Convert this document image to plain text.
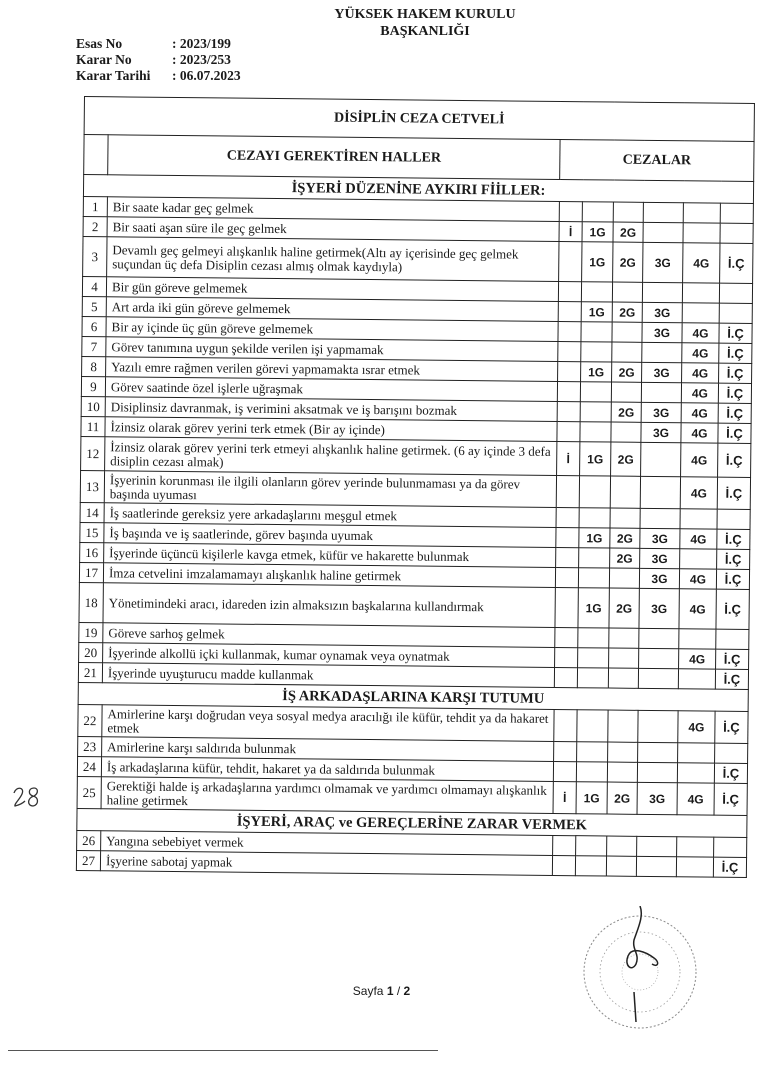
YÜKSEK HAKEM KURULU
BAŞKANLIĞI
Esas No	: 2023/199
Karar No	: 2023/253
Karar Tarihi	: 06.07.2023
DİSİPLİN CEZA CETVELİ							
	CEZAYI GEREKTİREN HALLER	CEZALAR					
İŞYERİ DÜZENİNE AYKIRI FİİLLER:							
1	Bir saate kadar geç gelmek						
2	Bir saati aşan süre ile geç gelmek	İ	1G	2G			
3	Devamlı geç gelmeyi alışkanlık haline getirmek(Altı ay içerisinde geç gelmek suçundan üç defa Disiplin cezası almış olmak kaydıyla)		1G	2G	3G	4G	İ.Ç
4	Bir gün göreve gelmemek						
5	Art arda iki gün göreve gelmemek		1G	2G	3G		
6	Bir ay içinde üç gün göreve gelmemek				3G	4G	İ.Ç
7	Görev tanımına uygun şekilde verilen işi yapmamak					4G	İ.Ç
8	Yazılı emre rağmen verilen görevi yapmamakta ısrar etmek		1G	2G	3G	4G	İ.Ç
9	Görev saatinde özel işlerle uğraşmak					4G	İ.Ç
10	Disiplinsiz davranmak, iş verimini aksatmak ve iş barışını bozmak			2G	3G	4G	İ.Ç
11	İzinsiz olarak görev yerini terk etmek (Bir ay içinde)				3G	4G	İ.Ç
12	İzinsiz olarak görev yerini terk etmeyi alışkanlık haline getirmek. (6 ay içinde 3 defa disiplin cezası almak)	İ	1G	2G		4G	İ.Ç
13	İşyerinin korunması ile ilgili olanların görev yerinde bulunmaması ya da görev başında uyuması					4G	İ.Ç
14	İş saatlerinde gereksiz yere arkadaşlarını meşgul etmek						
15	İş başında ve iş saatlerinde, görev başında uyumak		1G	2G	3G	4G	İ.Ç
16	İşyerinde üçüncü kişilerle kavga etmek, küfür ve hakarette bulunmak			2G	3G		İ.Ç
17	İmza cetvelini imzalamamayı alışkanlık haline getirmek				3G	4G	İ.Ç
18	Yönetimindeki aracı, idareden izin almaksızın başkalarına kullandırmak		1G	2G	3G	4G	İ.Ç
19	Göreve sarhoş gelmek						
20	İşyerinde alkollü içki kullanmak, kumar oynamak veya oynatmak					4G	İ.Ç
21	İşyerinde uyuşturucu madde kullanmak						İ.Ç
İŞ ARKADAŞLARINA KARŞI TUTUMU							
22	Amirlerine karşı doğrudan veya sosyal medya aracılığı ile küfür, tehdit ya da hakaret etmek					4G	İ.Ç
23	Amirlerine karşı saldırıda bulunmak						
24	İş arkadaşlarına küfür, tehdit, hakaret ya da saldırıda bulunmak						İ.Ç
25	Gerektiği halde iş arkadaşlarına yardımcı olmamak ve yardımcı olmamayı alışkanlık haline getirmek	İ	1G	2G	3G	4G	İ.Ç
İŞYERİ, ARAÇ ve GEREÇLERİNE ZARAR VERMEK							
26	Yangına sebebiyet vermek						
27	İşyerine sabotaj yapmak						İ.Ç
Sayfa 1 / 2
